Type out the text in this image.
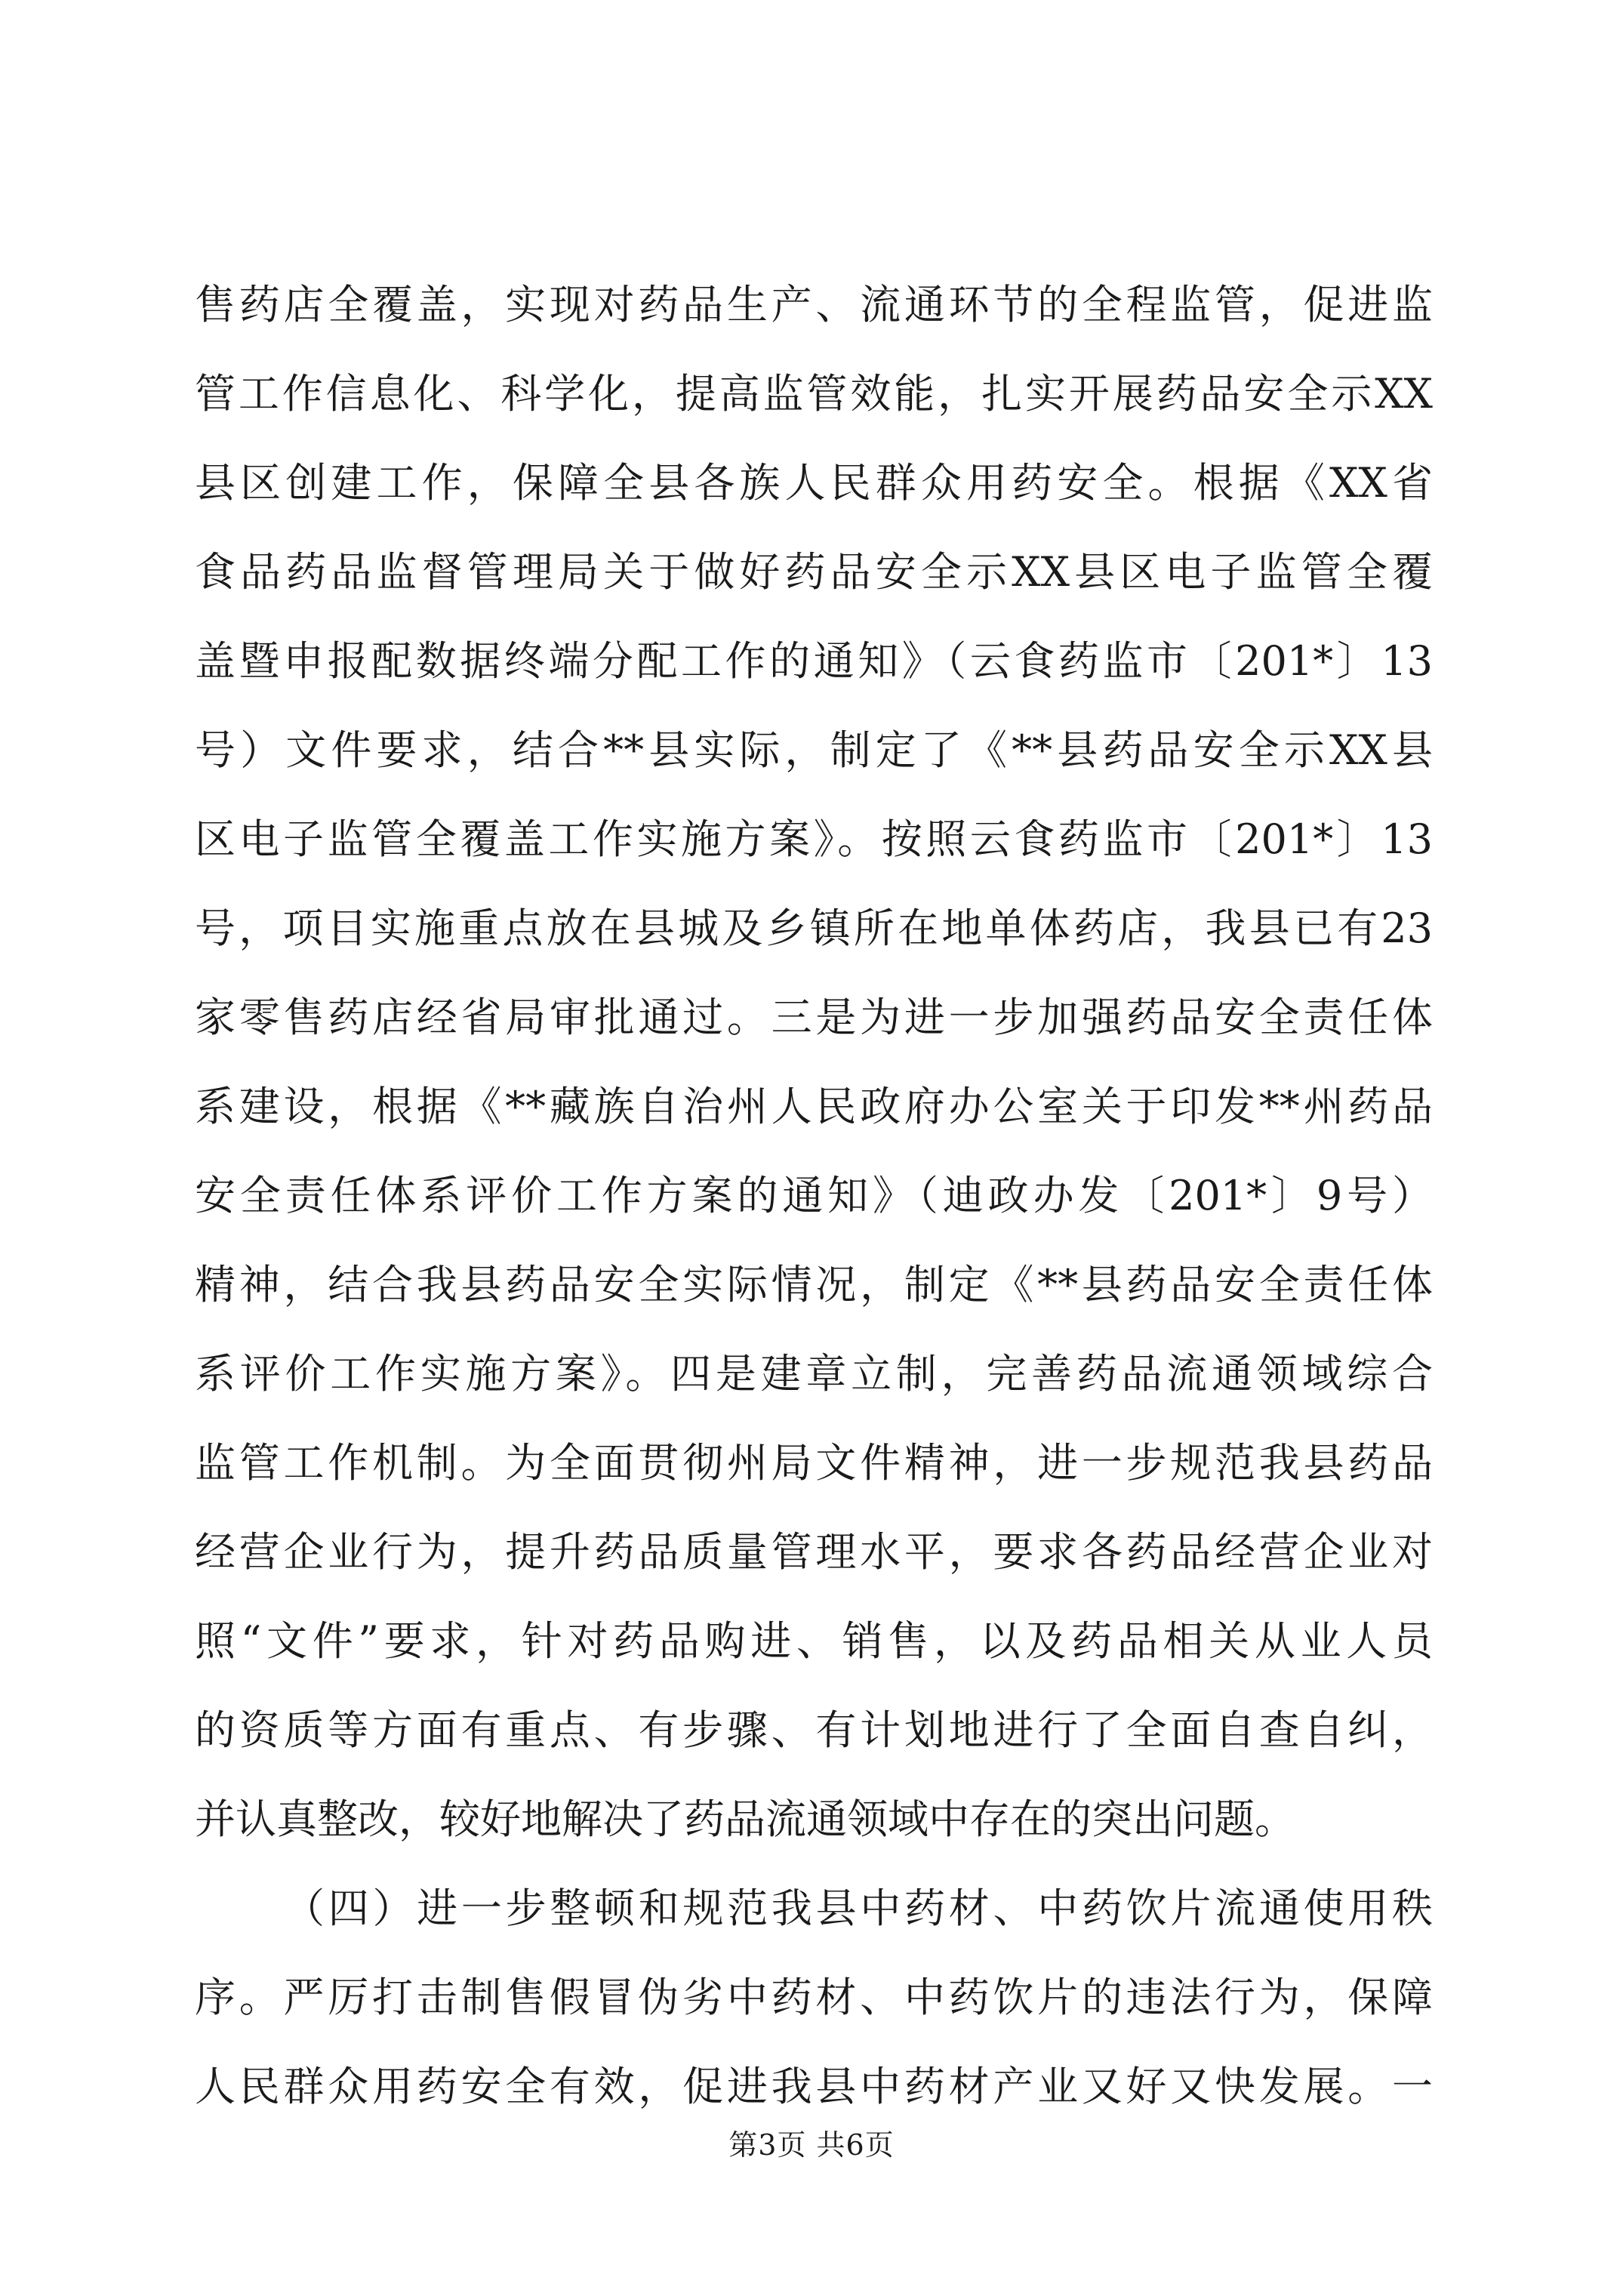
售药店全覆盖，实现对药品生产、流通环节的全程监管，促进监
管工作信息化、科学化，提高监管效能，扎实开展药品安全示XX
县区创建工作，保障全县各族人民群众用药安全。根据《XX省
食品药品监督管理局关于做好药品安全示XX县区电子监管全覆
盖暨申报配数据终端分配工作的通知》（云食药监市〔201*〕13
号）文件要求，结合**县实际，制定了《**县药品安全示XX县
区电子监管全覆盖工作实施方案》。按照云食药监市〔201*〕13
号，项目实施重点放在县城及乡镇所在地单体药店，我县已有23
家零售药店经省局审批通过。三是为进一步加强药品安全责任体
系建设，根据《**藏族自治州人民政府办公室关于印发**州药品
安全责任体系评价工作方案的通知》（迪政办发〔201*〕9号）
精神，结合我县药品安全实际情况，制定《**县药品安全责任体
系评价工作实施方案》。四是建章立制，完善药品流通领域综合
监管工作机制。为全面贯彻州局文件精神，进一步规范我县药品
经营企业行为，提升药品质量管理水平，要求各药品经营企业对
照“文件”要求，针对药品购进、销售，以及药品相关从业人员
的资质等方面有重点、有步骤、有计划地进行了全面自查自纠，
并认真整改，较好地解决了药品流通领域中存在的突出问题。
（四）进一步整顿和规范我县中药材、中药饮片流通使用秩
序。严厉打击制售假冒伪劣中药材、中药饮片的违法行为，保障
人民群众用药安全有效，促进我县中药材产业又好又快发展。一
第3页 共6页
